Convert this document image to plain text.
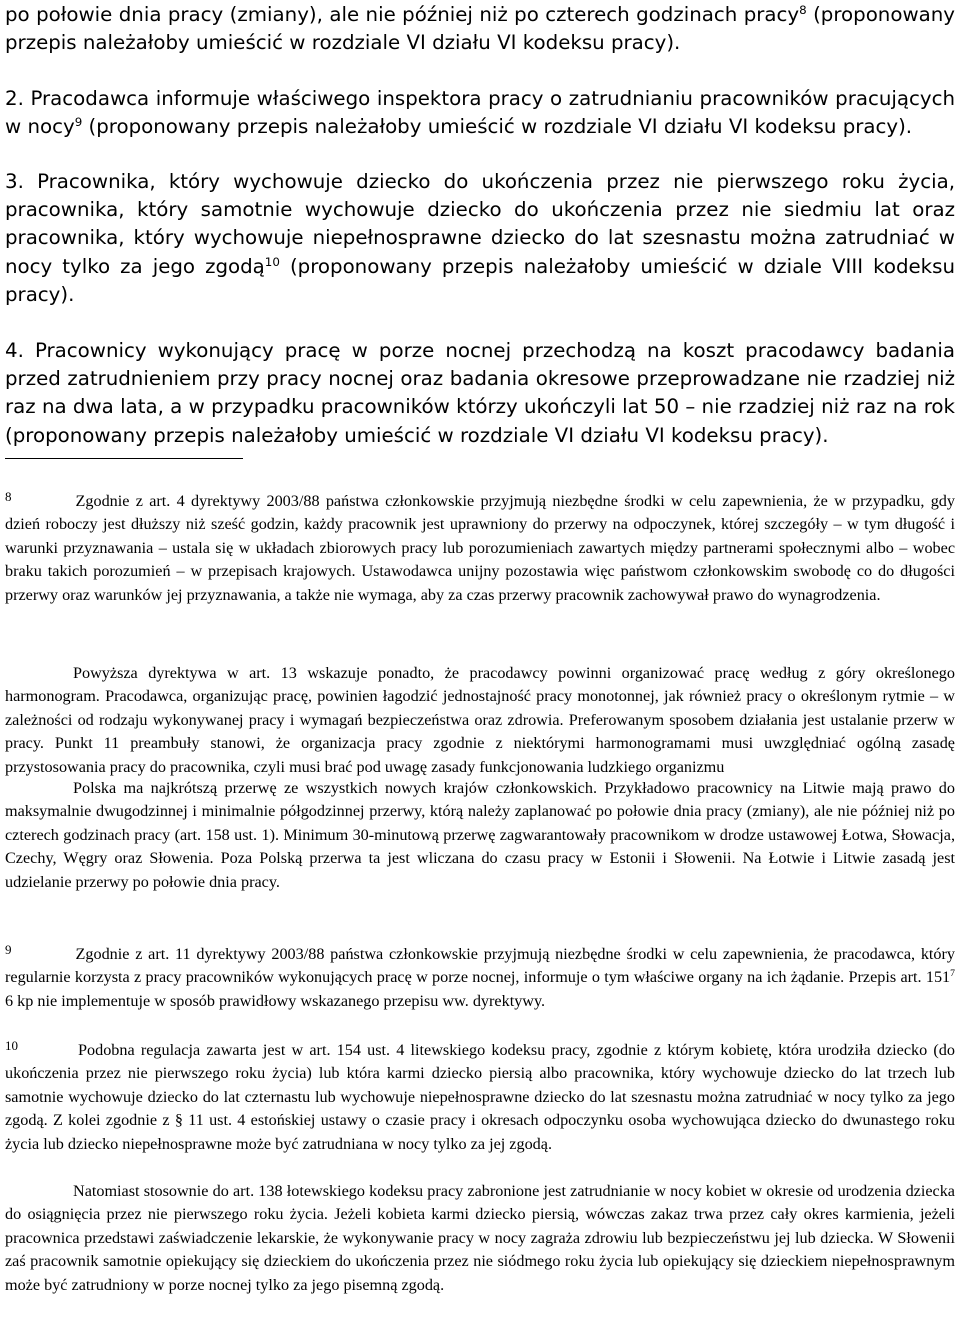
po połowie dnia pracy (zmiany), ale nie później niż po czterech godzinach pracy$^8$ (proponowany przepis należałoby umieścić w rozdziale VI działu VI kodeksu pracy).

2. Pracodawca informuje właściwego inspektora pracy o zatrudnianiu pracowników pracujących w nocy$^9$ (proponowany przepis należałoby umieścić w rozdziale VI działu VI kodeksu pracy).

3. Pracownika, który wychowuje dziecko do ukończenia przez nie pierwszego roku życia, pracownika, który samotnie wychowuje dziecko do ukończenia przez nie siedmiu lat oraz pracownika, który wychowuje niepełnosprawne dziecko do lat szesnastu można zatrudniać w nocy tylko za jego zgodą$^{10}$ (proponowany przepis należałoby umieścić w dziale VIII kodeksu pracy).

4. Pracownicy wykonujący pracę w porze nocnej przechodzą na koszt pracodawcy badania przed zatrudnieniem przy pracy nocnej oraz badania okresowe przeprowadzane nie rzadziej niż raz na dwa lata, a w przypadku pracowników którzy ukończyli lat 50 – nie rzadziej niż raz na rok (proponowany przepis należałoby umieścić w rozdziale VI działu VI kodeksu pracy).

8	Zgodnie z art. 4 dyrektywy 2003/88 państwa członkowskie przyjmują niezbędne środki w celu zapewnienia, że w przypadku, gdy dzień roboczy jest dłuższy niż sześć godzin, każdy pracownik jest uprawniony do przerwy na odpoczynek, której szczegóły – w tym długość i warunki przyznawania – ustala się w układach zbiorowych pracy lub porozumieniach zawartych między partnerami społecznymi albo – wobec braku takich porozumień – w przepisach krajowych. Ustawodawca unijny pozostawia więc państwom członkowskim swobodę co do długości przerwy oraz warunków jej przyznawania, a także nie wymaga, aby za czas przerwy pracownik zachowywał prawo do wynagrodzenia.

Powyższa dyrektywa w art. 13 wskazuje ponadto, że pracodawcy powinni organizować pracę według z góry określonego harmonogram. Pracodawca, organizując pracę, powinien łagodzić jednostajność pracy monotonnej, jak również pracy o określonym rytmie – w zależności od rodzaju wykonywanej pracy i wymagań bezpieczeństwa oraz zdrowia. Preferowanym sposobem działania jest ustalanie przerw w pracy. Punkt 11 preambuły stanowi, że organizacja pracy zgodnie z niektórymi harmonogramami musi uwzględniać ogólną zasadę przystosowania pracy do pracownika, czyli musi brać pod uwagę zasady funkcjonowania ludzkiego organizmu

Polska ma najkrótszą przerwę ze wszystkich nowych krajów członkowskich. Przykładowo pracownicy na Litwie mają prawo do maksymalnie dwugodzinnej i minimalnie półgodzinnej przerwy, którą należy zaplanować po połowie dnia pracy (zmiany), ale nie później niż po czterech godzinach pracy (art. 158 ust. 1). Minimum 30-minutową przerwę zagwarantowały pracownikom w drodze ustawowej Łotwa, Słowacja, Czechy, Węgry oraz Słowenia. Poza Polską przerwa ta jest wliczana do czasu pracy w Estonii i Słowenii. Na Łotwie i Litwie zasadą jest udzielanie przerwy po połowie dnia pracy.

9	Zgodnie z art. 11 dyrektywy 2003/88 państwa członkowskie przyjmują niezbędne środki w celu zapewnienia, że pracodawca, który regularnie korzysta z pracy pracowników wykonujących pracę w porze nocnej, informuje o tym właściwe organy na ich żądanie. Przepis art. $151^7$ 6 kp nie implementuje w sposób prawidłowy wskazanego przepisu ww. dyrektywy.

10	Podobna regulacja zawarta jest w art. 154 ust. 4 litewskiego kodeksu pracy, zgodnie z którym kobietę, która urodziła dziecko (do ukończenia przez nie pierwszego roku życia) lub która karmi dziecko piersią albo pracownika, który wychowuje dziecko do lat trzech lub samotnie wychowuje dziecko do lat czternastu lub wychowuje niepełnosprawne dziecko do lat szesnastu można zatrudniać w nocy tylko za jego zgodą. Z kolei zgodnie z § 11 ust. 4 estońskiej ustawy o czasie pracy i okresach odpoczynku osoba wychowująca dziecko do dwunastego roku życia lub dziecko niepełnosprawne może być zatrudniana w nocy tylko za jej zgodą.

Natomiast stosownie do art. 138 łotewskiego kodeksu pracy zabronione jest zatrudnianie w nocy kobiet w okresie od urodzenia dziecka do osiągnięcia przez nie pierwszego roku życia. Jeżeli kobieta karmi dziecko piersią, wówczas zakaz trwa przez cały okres karmienia, jeżeli pracownica przedstawi zaświadczenie lekarskie, że wykonywanie pracy w nocy zagraża zdrowiu lub bezpieczeństwu jej lub dziecka. W Słowenii zaś pracownik samotnie opiekujący się dzieckiem do ukończenia przez nie siódmego roku życia lub opiekujący się dzieckiem niepełnosprawnym może być zatrudniony w porze nocnej tylko za jego pisemną zgodą.
